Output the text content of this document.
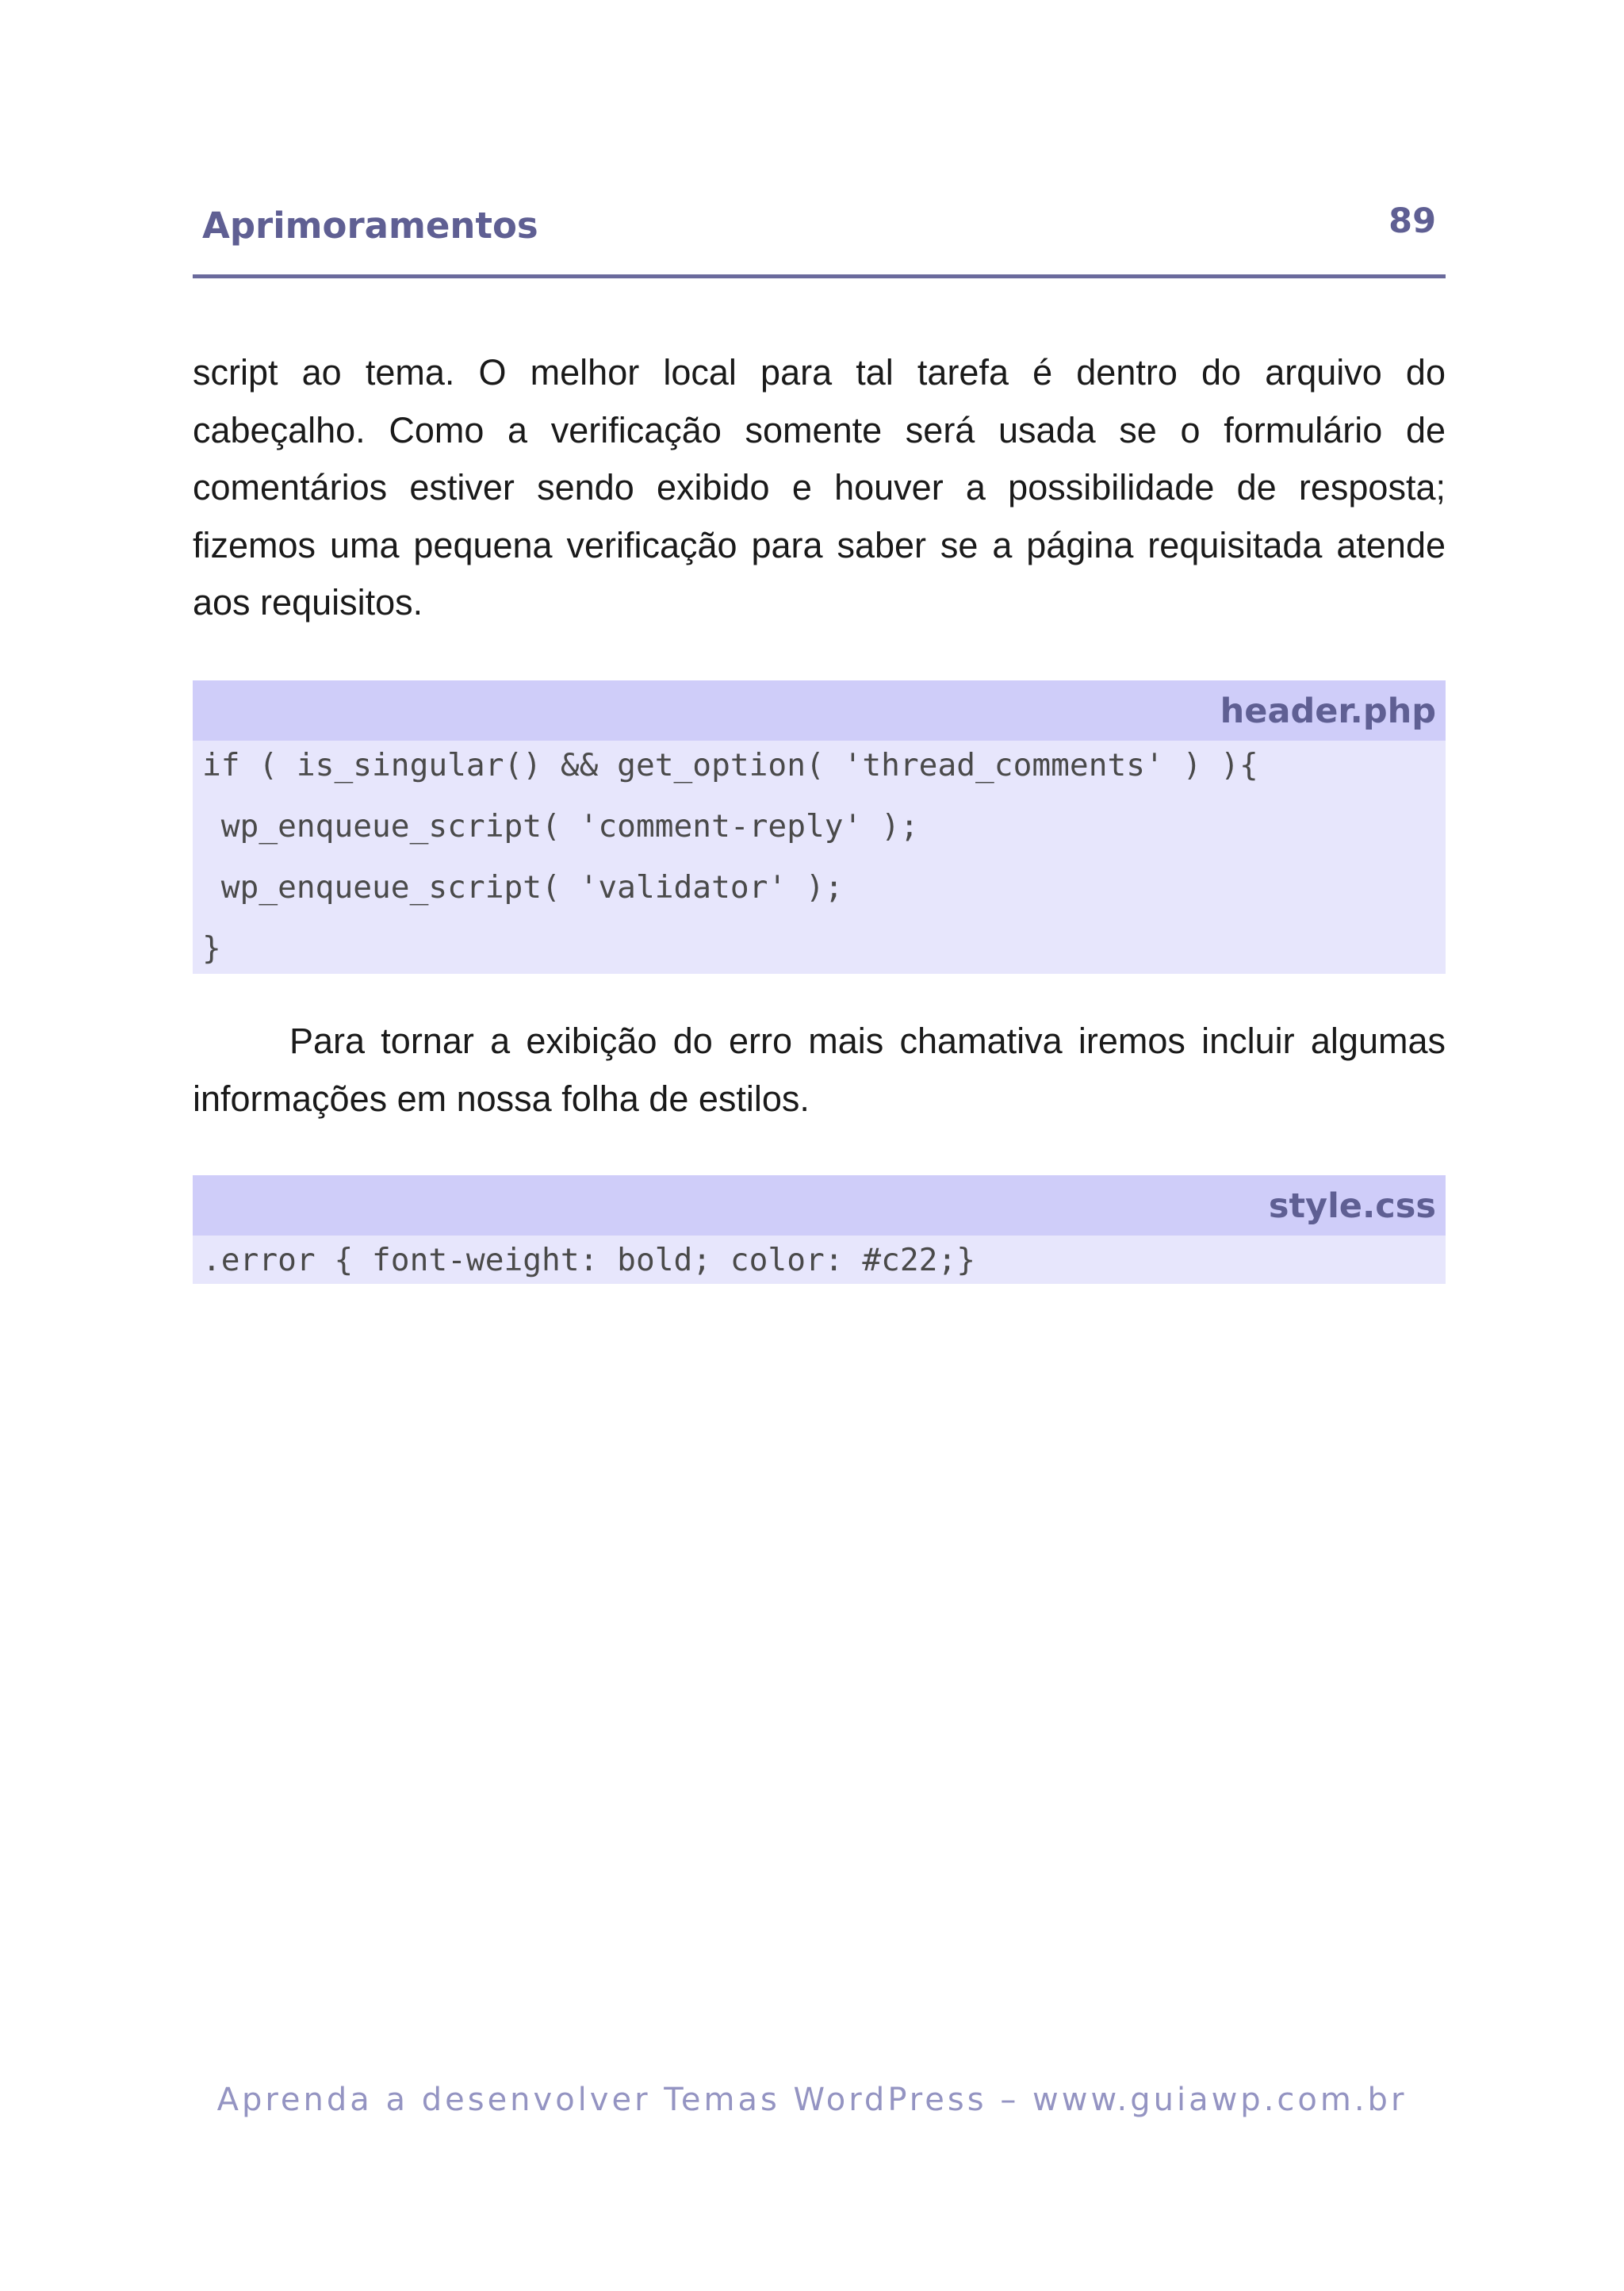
Aprimoramentos	89

script ao tema. O melhor local para tal tarefa é dentro do arquivo do cabeçalho. Como a verificação somente será usada se o formulário de comentários estiver sendo exibido e houver a possibilidade de resposta; fizemos uma pequena verificação para saber se a página requisitada atende aos requisitos.

header.php
if ( is_singular() && get_option( 'thread_comments' ) ){
wp_enqueue_script( 'comment-reply' );
wp_enqueue_script( 'validator' );
}

Para tornar a exibição do erro mais chamativa iremos incluir algumas informações em nossa folha de estilos.

style.css
.error { font-weight: bold; color: #c22;}
Aprenda a desenvolver Temas WordPress – www.guiawp.com.br
